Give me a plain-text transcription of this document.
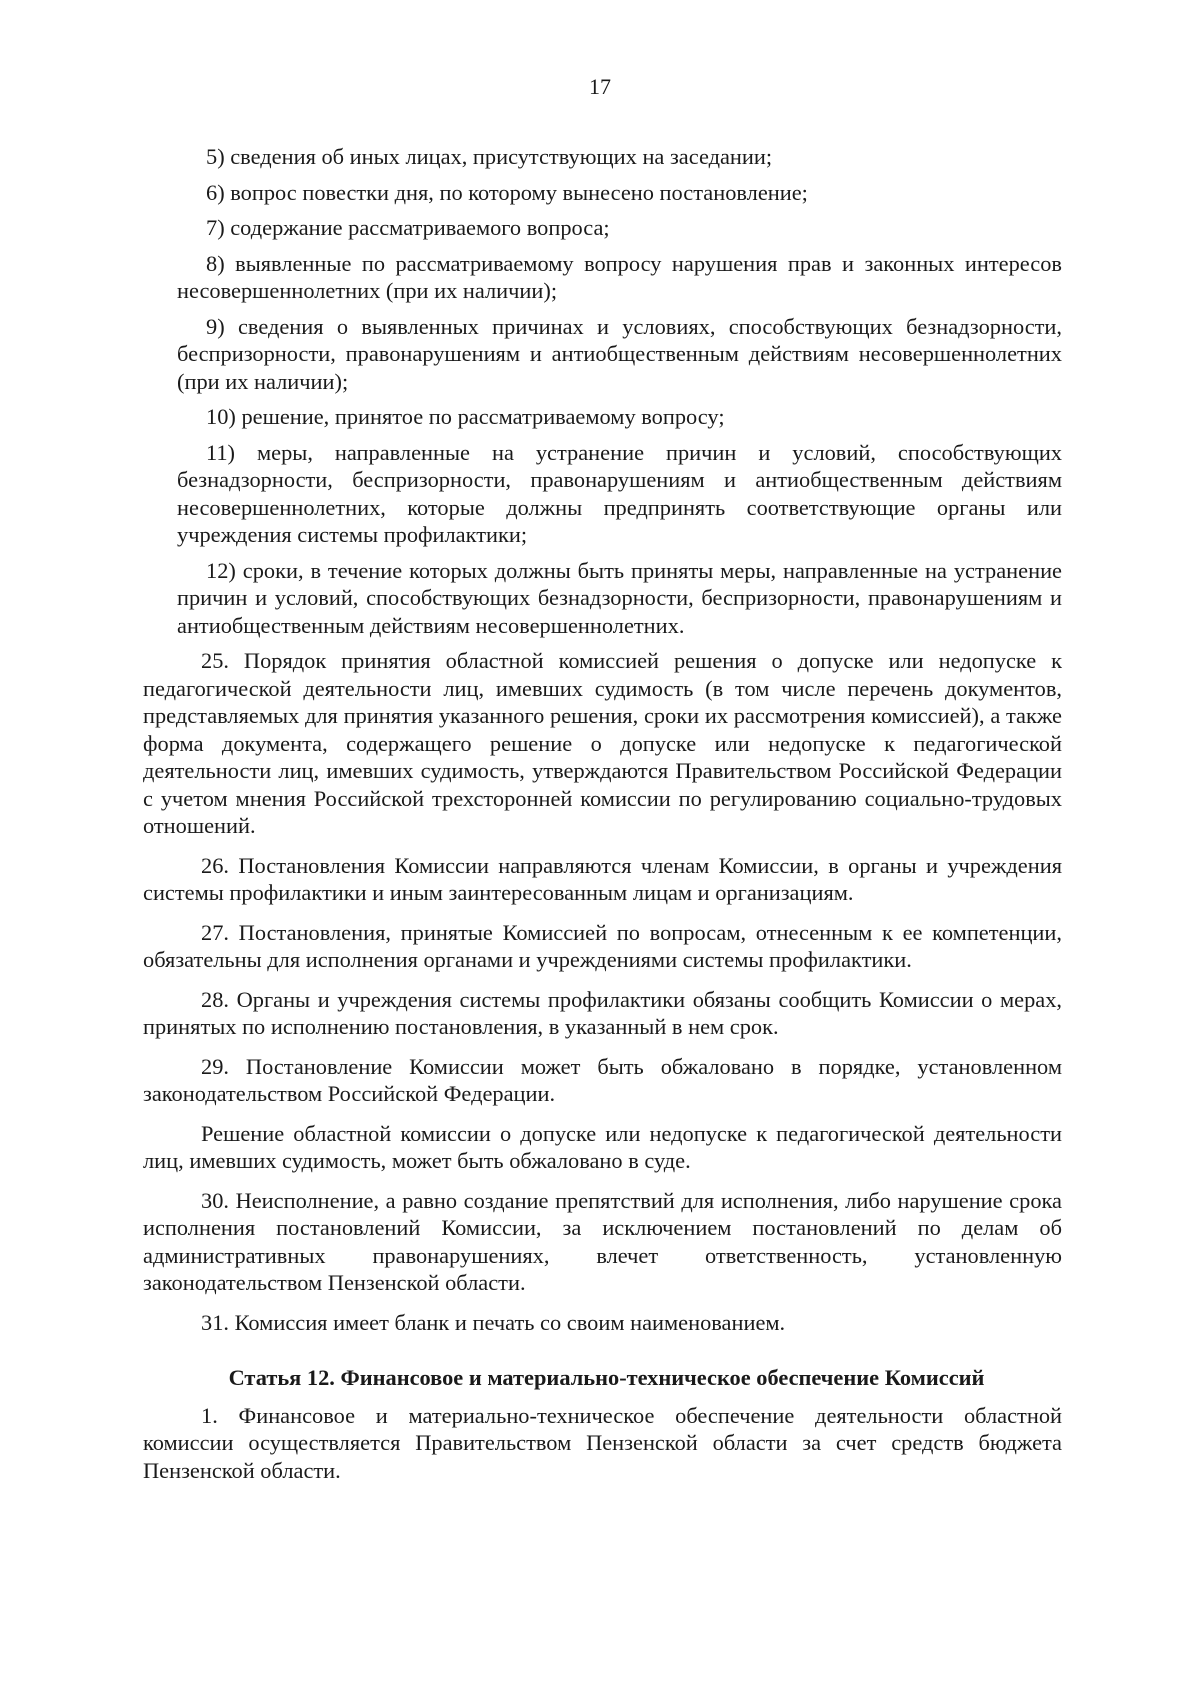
17

5) сведения об иных лицах, присутствующих на заседании;

6) вопрос повестки дня, по которому вынесено постановление;

7) содержание рассматриваемого вопроса;

8) выявленные по рассматриваемому вопросу нарушения прав и законных интересов несовершеннолетних (при их наличии);

9) сведения о выявленных причинах и условиях, способствующих безнадзорности, беспризорности, правонарушениям и антиобщественным действиям несовершеннолетних (при их наличии);

10) решение, принятое по рассматриваемому вопросу;

11) меры, направленные на устранение причин и условий, способствующих безнадзорности, беспризорности, правонарушениям и антиобщественным действиям несовершеннолетних, которые должны предпринять соответствующие органы или учреждения системы профилактики;

12) сроки, в течение которых должны быть приняты меры, направленные на устранение причин и условий, способствующих безнадзорности, беспризорности, правонарушениям и антиобщественным действиям несовершеннолетних.

25. Порядок принятия областной комиссией решения о допуске или недопуске к педагогической деятельности лиц, имевших судимость (в том числе перечень документов, представляемых для принятия указанного решения, сроки их рассмотрения комиссией), а также форма документа, содержащего решение о допуске или недопуске к педагогической деятельности лиц, имевших судимость, утверждаются Правительством Российской Федерации с учетом мнения Российской трехсторонней комиссии по регулированию социально-трудовых отношений.

26. Постановления Комиссии направляются членам Комиссии, в органы и учреждения системы профилактики и иным заинтересованным лицам и организациям.

27. Постановления, принятые Комиссией по вопросам, отнесенным к ее компетенции, обязательны для исполнения органами и учреждениями системы профилактики.

28. Органы и учреждения системы профилактики обязаны сообщить Комиссии о мерах, принятых по исполнению постановления, в указанный в нем срок.

29. Постановление Комиссии может быть обжаловано в порядке, установленном законодательством Российской Федерации.

Решение областной комиссии о допуске или недопуске к педагогической деятельности лиц, имевших судимость, может быть обжаловано в суде.

30. Неисполнение, а равно создание препятствий для исполнения, либо нарушение срока исполнения постановлений Комиссии, за исключением постановлений по делам об административных правонарушениях, влечет ответственность, установленную законодательством Пензенской области.

31. Комиссия имеет бланк и печать со своим наименованием.

Статья 12. Финансовое и материально-техническое обеспечение Комиссий

1. Финансовое и материально-техническое обеспечение деятельности областной комиссии осуществляется Правительством Пензенской области за счет средств бюджета Пензенской области.
